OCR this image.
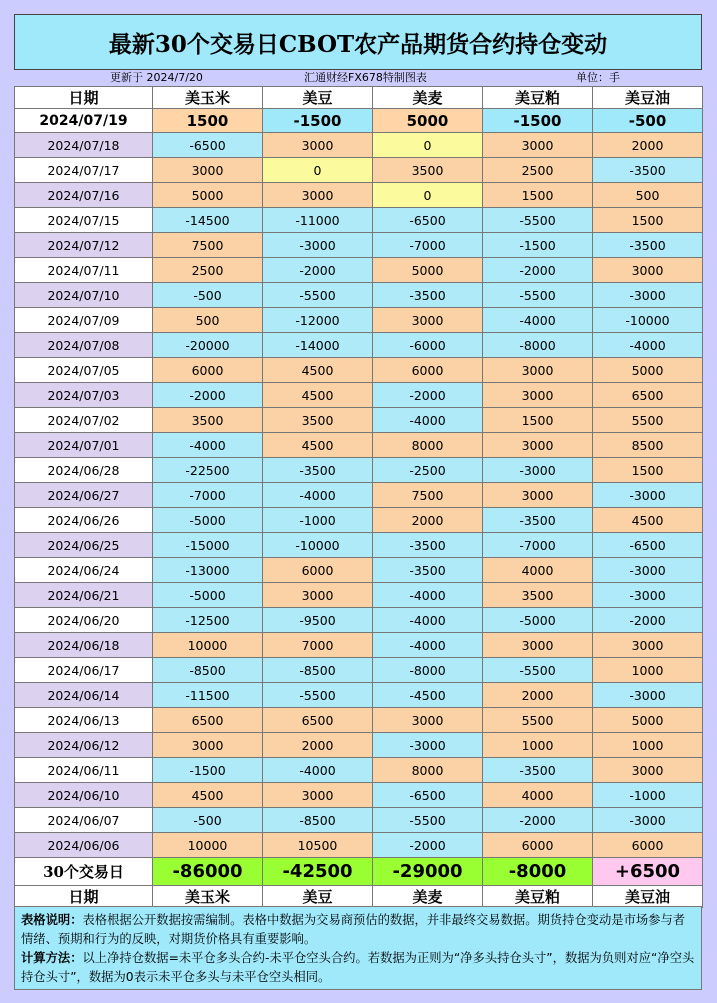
最新30个交易日CBOT农产品期货合约持仓变动
更新于 2024/7/20	汇通财经FX678特制图表	单位：手
日期	美玉米	美豆	美麦	美豆粕	美豆油
2024/07/19	1500	-1500	5000	-1500	-500
2024/07/18	-6500	3000	0	3000	2000
2024/07/17	3000	0	3500	2500	-3500
2024/07/16	5000	3000	0	1500	500
2024/07/15	-14500	-11000	-6500	-5500	1500
2024/07/12	7500	-3000	-7000	-1500	-3500
2024/07/11	2500	-2000	5000	-2000	3000
2024/07/10	-500	-5500	-3500	-5500	-3000
2024/07/09	500	-12000	3000	-4000	-10000
2024/07/08	-20000	-14000	-6000	-8000	-4000
2024/07/05	6000	4500	6000	3000	5000
2024/07/03	-2000	4500	-2000	3000	6500
2024/07/02	3500	3500	-4000	1500	5500
2024/07/01	-4000	4500	8000	3000	8500
2024/06/28	-22500	-3500	-2500	-3000	1500
2024/06/27	-7000	-4000	7500	3000	-3000
2024/06/26	-5000	-1000	2000	-3500	4500
2024/06/25	-15000	-10000	-3500	-7000	-6500
2024/06/24	-13000	6000	-3500	4000	-3000
2024/06/21	-5000	3000	-4000	3500	-3000
2024/06/20	-12500	-9500	-4000	-5000	-2000
2024/06/18	10000	7000	-4000	3000	3000
2024/06/17	-8500	-8500	-8000	-5500	1000
2024/06/14	-11500	-5500	-4500	2000	-3000
2024/06/13	6500	6500	3000	5500	5000
2024/06/12	3000	2000	-3000	1000	1000
2024/06/11	-1500	-4000	8000	-3500	3000
2024/06/10	4500	3000	-6500	4000	-1000
2024/06/07	-500	-8500	-5500	-2000	-3000
2024/06/06	10000	10500	-2000	6000	6000
30个交易日	-86000	-42500	-29000	-8000	+6500
日期	美玉米	美豆	美麦	美豆粕	美豆油
表格说明：表格根据公开数据按需编制。表格中数据为交易商预估的数据，并非最终交易数据。期货持仓变动是市场参与者情绪、预期和行为的反映，对期货价格具有重要影响。
计算方法：以上净持仓数据=未平仓多头合约-未平仓空头合约。若数据为正则为“净多头持仓头寸”，数据为负则对应“净空头持仓头寸”，数据为0表示未平仓多头与未平仓空头相同。
